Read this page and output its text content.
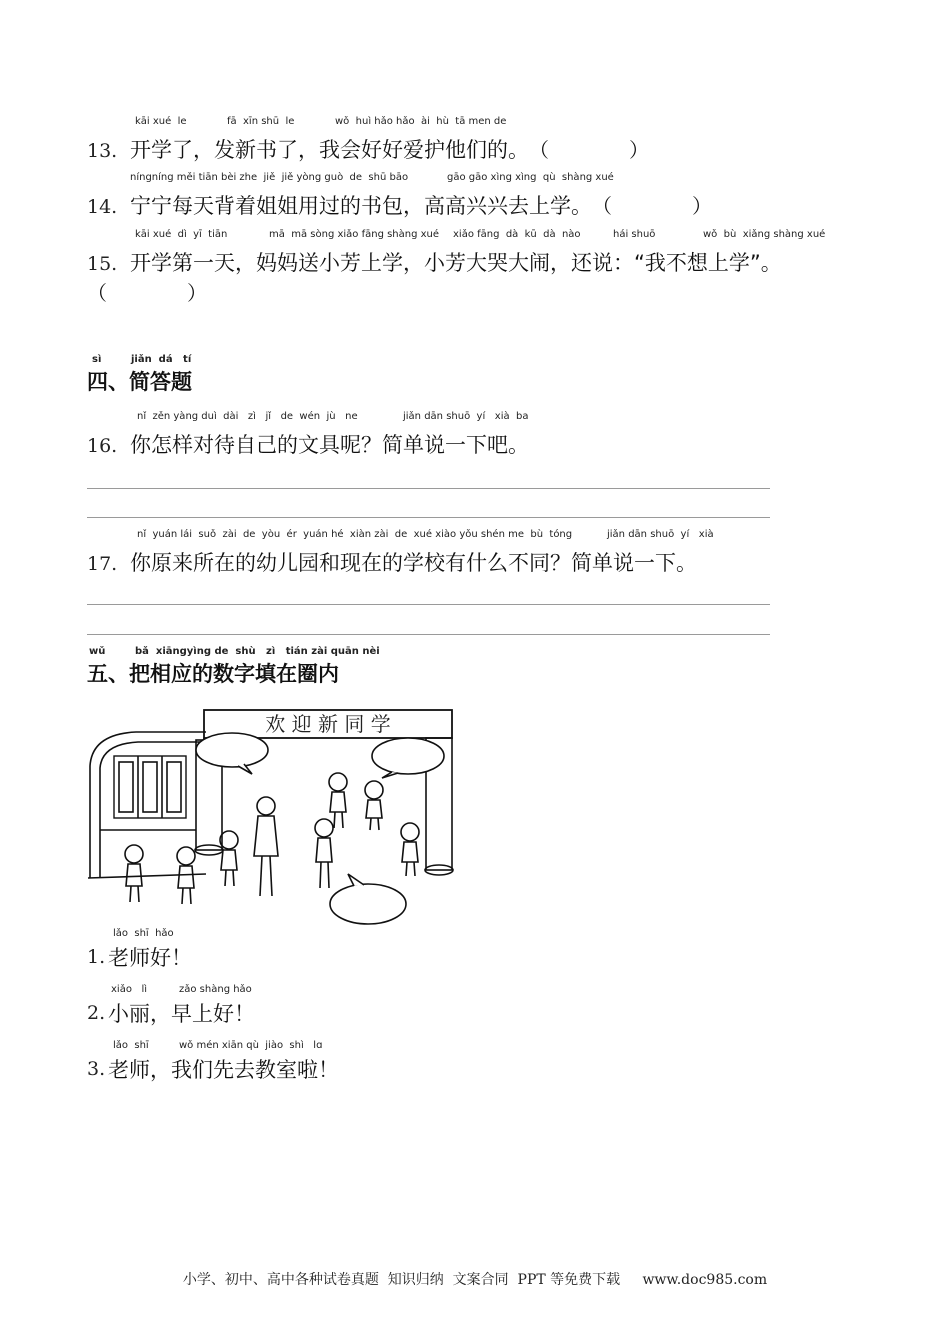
13.
kāi xué  le	fā  xīn shū  le	wǒ  huì hǎo hǎo  ài  hù  tā men de
开学了，发新书了，我会好好爱护他们的。（　　　　）
14.
níngníng měi tiān bèi zhe  jiě  jiě yòng guò  de  shū bāo	gāo gāo xìng xìng  qù  shàng xué
宁宁每天背着姐姐用过的书包，高高兴兴去上学。（　　　　）
15.
kāi xué  dì  yī  tiān	mā  mā sòng xiǎo fāng shàng xué xiǎo fāng  dà  kū  dà  nào	hái shuō	wǒ  bù  xiǎng shàng xué
开学第一天，妈妈送小芳上学，小芳大哭大闹，还说：“我不想上学”。
（　　　　）
sì	jiǎn  dá   tí
四、简答题
16.
nǐ  zěn yàng duì  dài   zì   jǐ   de  wén  jù   ne	jiǎn dān shuō  yí   xià  ba
你怎样对待自己的文具呢？简单说一下吧。
17.
nǐ  yuán lái  suǒ  zài  de  yòu  ér  yuán hé  xiàn zài  de  xué xiào yǒu shén me  bù  tóng	jiǎn dān shuō  yí   xià
你原来所在的幼儿园和现在的学校有什么不同？简单说一下。
wǔ	bǎ  xiāngyìng de  shù   zì   tián zài quān nèi
五、把相应的数字填在圈内
欢 迎 新 同 学
1.
lǎo  shī  hǎo
老师好！
2.
xiǎo   lì	zǎo shàng hǎo
小丽，早上好！
3.
lǎo  shī	wǒ mén xiān qù  jiào  shì   lɑ
老师，我们先去教室啦！
小学、初中、高中各种试卷真题  知识归纳  文案合同  PPT 等免费下载     www.doc985.com
